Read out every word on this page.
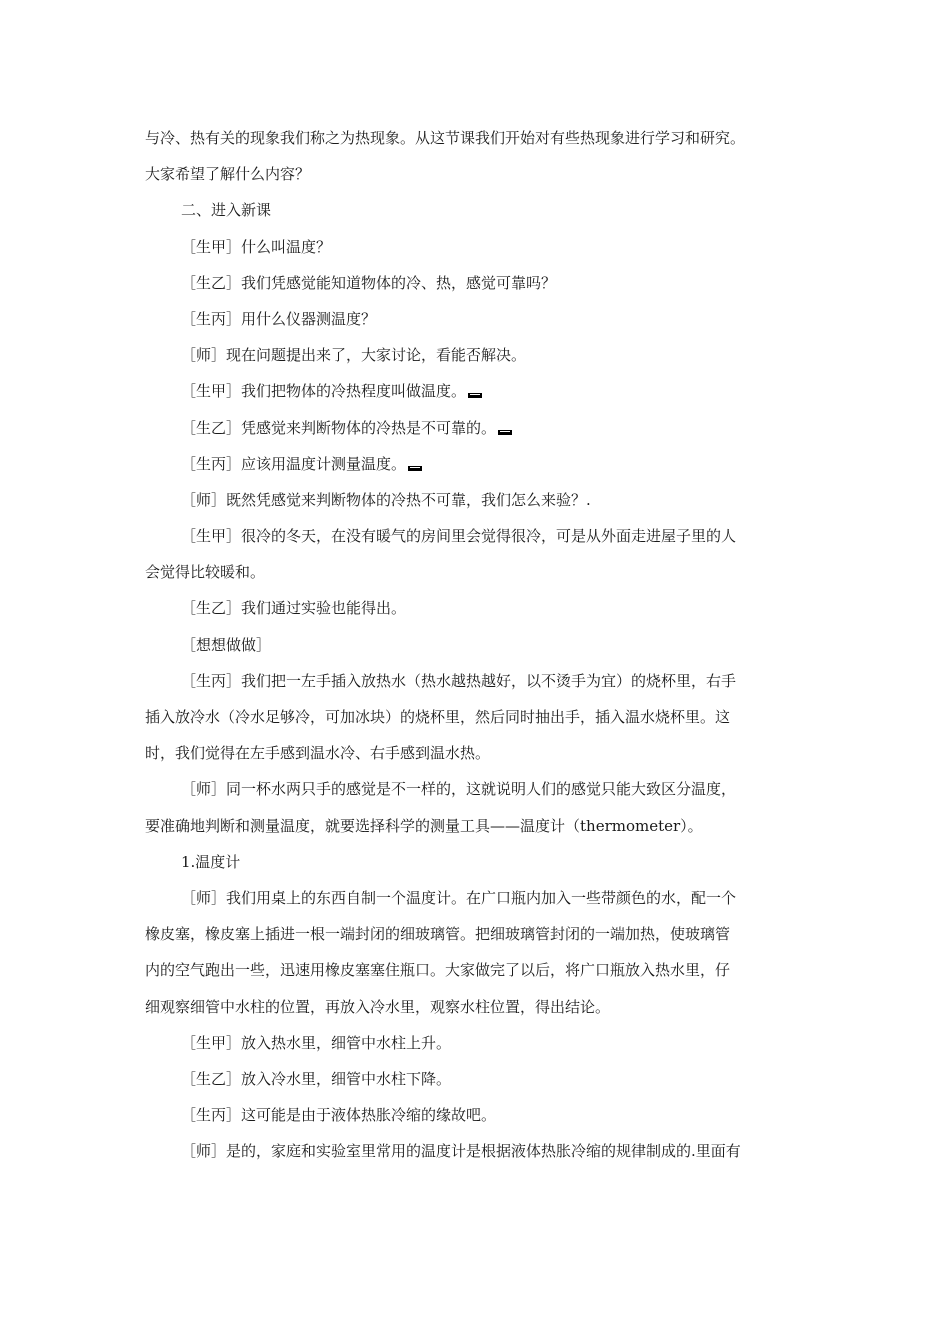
与冷、热有关的现象我们称之为热现象。从这节课我们开始对有些热现象进行学习和研究。
大家希望了解什么内容？
二、进入新课
［生甲］什么叫温度？
［生乙］我们凭感觉能知道物体的冷、热，感觉可靠吗？
［生丙］用什么仪器测温度？
［师］现在问题提出来了，大家讨论，看能否解决。
［生甲］我们把物体的冷热程度叫做温度。
［生乙］凭感觉来判断物体的冷热是不可靠的。
［生丙］应该用温度计测量温度。
［师］既然凭感觉来判断物体的冷热不可靠，我们怎么来验？.
［生甲］很冷的冬天，在没有暖气的房间里会觉得很冷，可是从外面走进屋子里的人
会觉得比较暖和。
［生乙］我们通过实验也能得出。
［想想做做］
［生丙］我们把一左手插入放热水（热水越热越好，以不烫手为宜）的烧杯里，右手
插入放冷水（冷水足够冷，可加冰块）的烧杯里，然后同时抽出手，插入温水烧杯里。这
时，我们觉得在左手感到温水冷、右手感到温水热。
［师］同一杯水两只手的感觉是不一样的，这就说明人们的感觉只能大致区分温度，
要准确地判断和测量温度，就要选择科学的测量工具——温度计（thermometer）。
1.温度计
［师］我们用桌上的东西自制一个温度计。在广口瓶内加入一些带颜色的水，配一个
橡皮塞，橡皮塞上插进一根一端封闭的细玻璃管。把细玻璃管封闭的一端加热，使玻璃管
内的空气跑出一些，迅速用橡皮塞塞住瓶口。大家做完了以后，将广口瓶放入热水里，仔
细观察细管中水柱的位置，再放入冷水里，观察水柱位置，得出结论。
［生甲］放入热水里，细管中水柱上升。
［生乙］放入冷水里，细管中水柱下降。
［生丙］这可能是由于液体热胀冷缩的缘故吧。
［师］是的，家庭和实验室里常用的温度计是根据液体热胀冷缩的规律制成的.里面有
